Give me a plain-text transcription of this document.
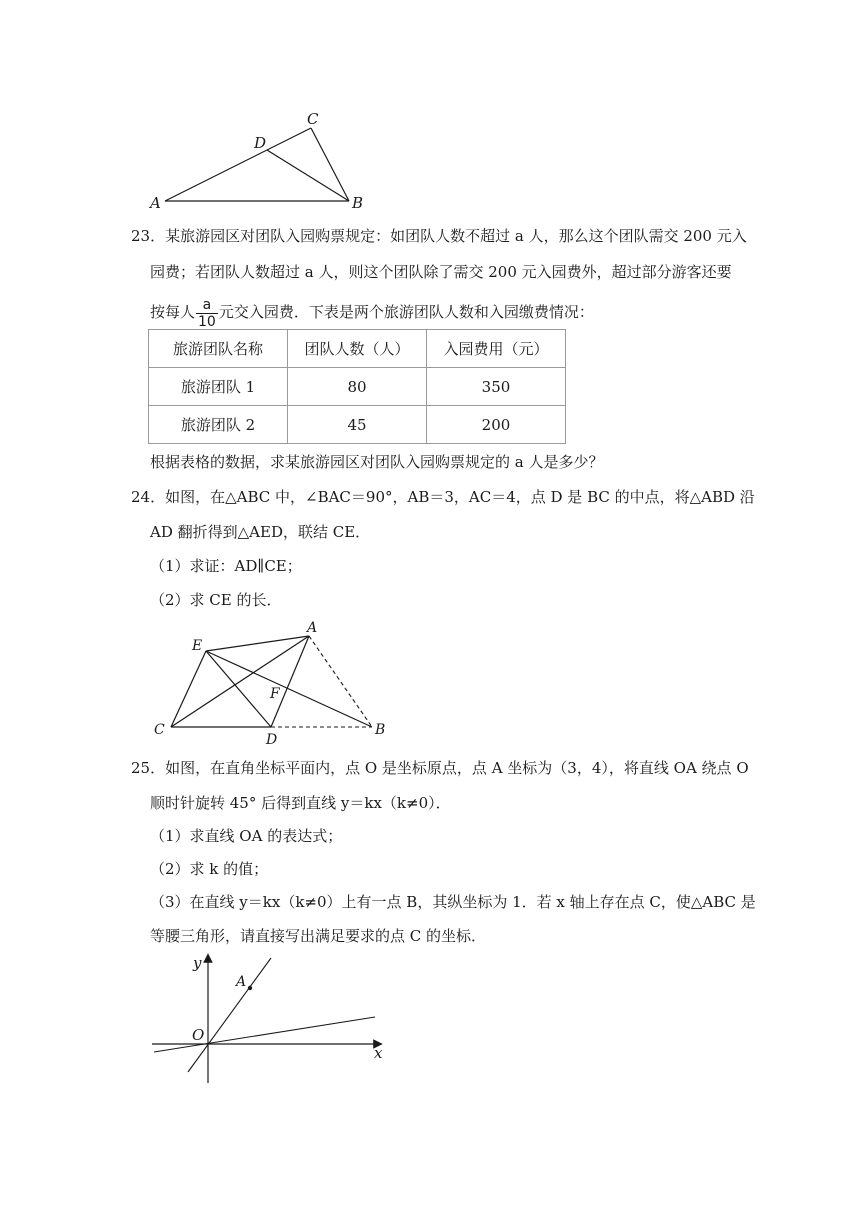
A	B
C
D
23．某旅游园区对团队入园购票规定：如团队人数不超过 a 人，那么这个团队需交 200 元入
园费；若团队人数超过 a 人，则这个团队除了需交 200 元入园费外，超过部分游客还要
按每人 $\frac{a}{10}$ 元交入园费．下表是两个旅游团队人数和入园缴费情况：
旅游团队名称	团队人数（人）	入园费用（元）
旅游团队 1	80	350
旅游团队 2	45	200
根据表格的数据，求某旅游园区对团队入园购票规定的 a 人是多少？
24．如图，在△ABC 中，∠BAC＝90°，AB＝3，AC＝4，点 D 是 BC 的中点，将△ABD 沿
AD 翻折得到△AED，联结 CE．
（1）求证：AD∥CE；
（2）求 CE 的长．
E
A
F
C
D
B
25．如图，在直角坐标平面内，点 O 是坐标原点，点 A 坐标为（3，4），将直线 OA 绕点 O
顺时针旋转 45° 后得到直线 y＝kx（k≠0）．
（1）求直线 OA 的表达式；
（2）求 k 的值；
（3）在直线 y＝kx（k≠0）上有一点 B，其纵坐标为 1．若 x 轴上存在点 C，使△ABC 是
等腰三角形，请直接写出满足要求的点 C 的坐标．
y
x
O
A
